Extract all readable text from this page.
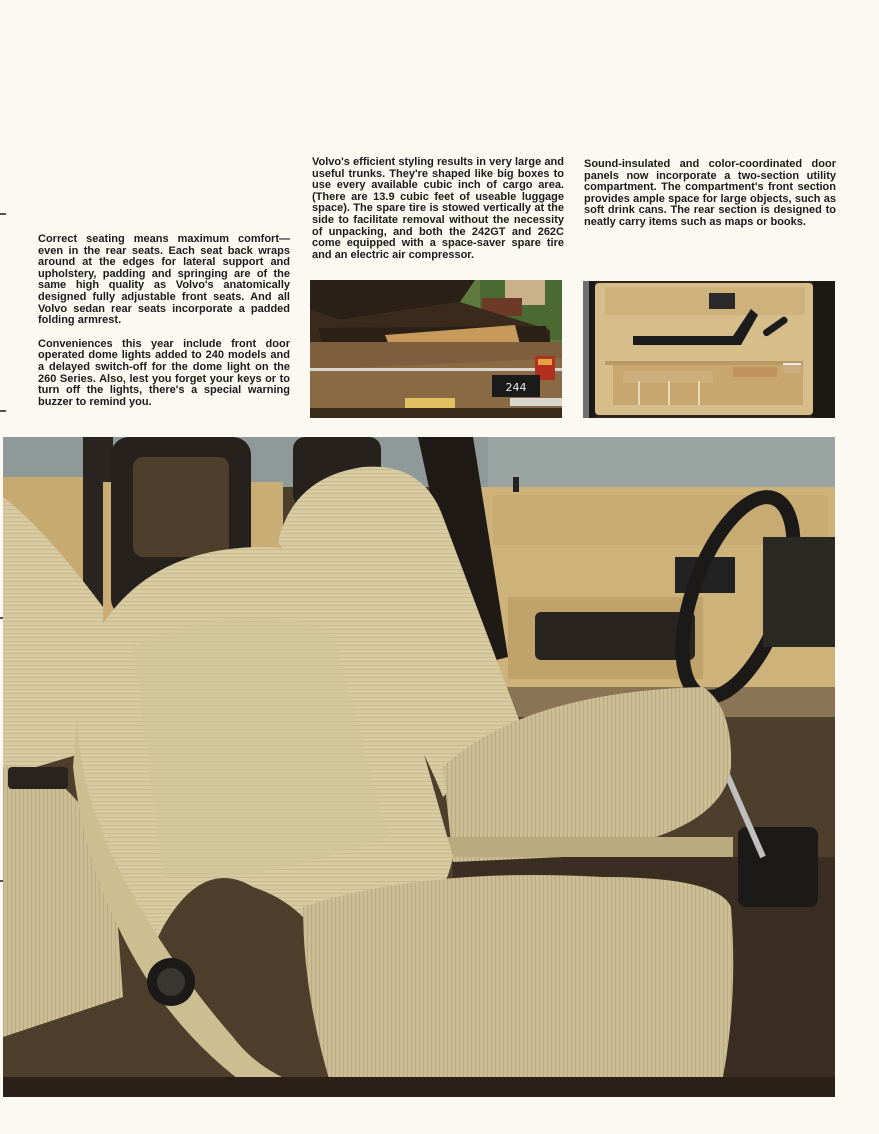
Correct seating means maximum comfort—even in the rear seats. Each seat back wraps around at the edges for lateral support and upholstery, padding and springing are of the same high quality as Volvo's anatomically designed fully adjustable front seats. And all Volvo sedan rear seats incorporate a padded folding armrest.

Conveniences this year include front door operated dome lights added to 240 models and a delayed switch-off for the dome light on the 260 Series. Also, lest you forget your keys or to turn off the lights, there's a special warning buzzer to remind you.

Volvo's efficient styling results in very large and useful trunks. They're shaped like big boxes to use every available cubic inch of cargo area. (There are 13.9 cubic feet of useable luggage space). The spare tire is stowed vertically at the side to facilitate removal without the necessity of unpacking, and both the 242GT and 262C come equipped with a space-saver spare tire and an electric air compressor.

Sound-insulated and color-coordinated door panels now incorporate a two-section utility compartment. The compartment's front section provides ample space for large objects, such as soft drink cans. The rear section is designed to neatly carry items such as maps or books.

244
